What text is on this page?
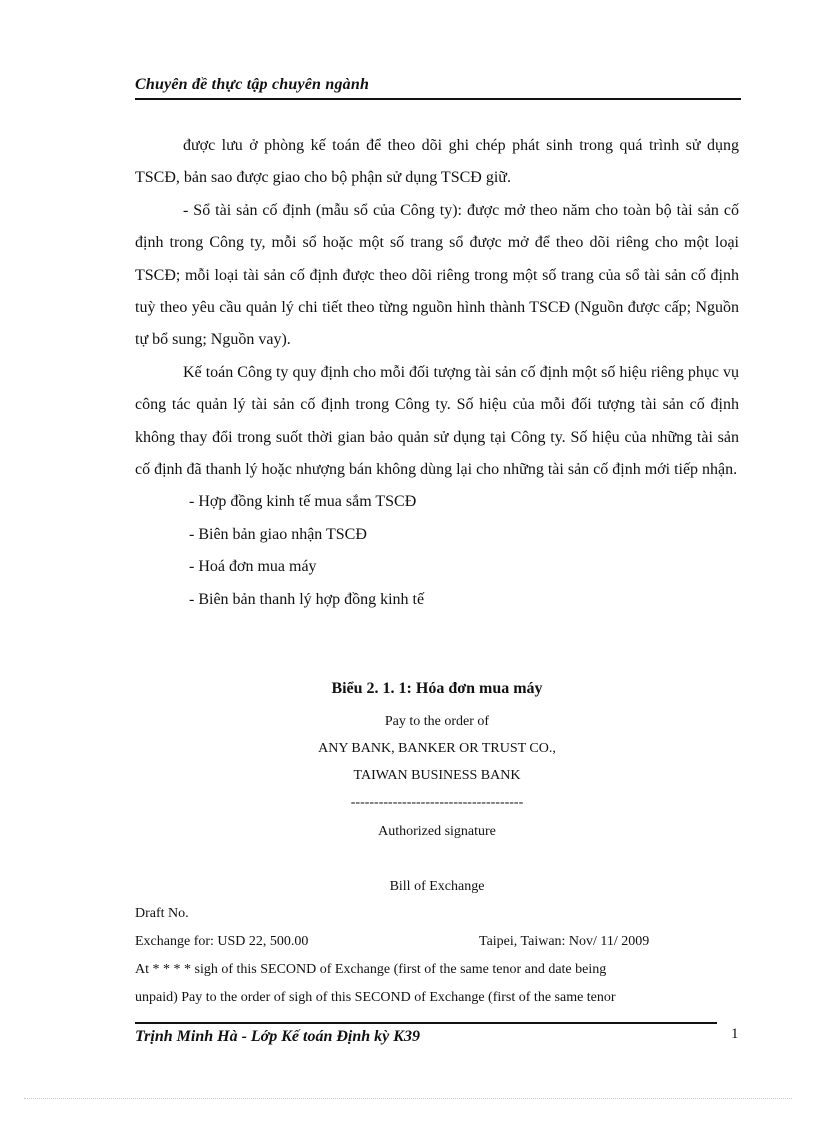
Chuyên đề thực tập chuyên ngành

được lưu ở phòng kế toán để theo dõi ghi chép phát sinh trong quá trình sử dụng TSCĐ, bản sao được giao cho bộ phận sử dụng TSCĐ giữ.

- Sổ tài sản cố định (mẫu sổ của Công ty): được mở theo năm cho toàn bộ tài sản cố định trong Công ty, mỗi sổ hoặc một số trang sổ được mở để theo dõi riêng cho một loại TSCĐ; mỗi loại tài sản cố định được theo dõi riêng trong một số trang của sổ tài sản cố định tuỳ theo yêu cầu quản lý chi tiết theo từng nguồn hình thành TSCĐ (Nguồn được cấp; Nguồn tự bổ sung; Nguồn vay).

Kế toán Công ty quy định cho mỗi đối tượng tài sản cố định một số hiệu riêng phục vụ công tác quản lý tài sản cố định trong Công ty. Số hiệu của mỗi đối tượng tài sản cố định không thay đổi trong suốt thời gian bảo quản sử dụng tại Công ty. Số hiệu của những tài sản cố định đã thanh lý hoặc nhượng bán không dùng lại cho những tài sản cố định mới tiếp nhận.

- Hợp đồng kinh tế mua sắm TSCĐ
- Biên bản giao nhận TSCĐ
- Hoá đơn mua máy
- Biên bản thanh lý hợp đồng kinh tế
Biểu 2. 1. 1: Hóa đơn mua máy
Pay to the order of
ANY BANK, BANKER OR TRUST CO.,
TAIWAN BUSINESS BANK
-------------------------------------
Authorized signature
Bill of Exchange
Draft No.
Exchange for: USD 22, 500.00	Taipei, Taiwan: Nov/ 11/ 2009
At * * * * sigh of this SECOND of Exchange (first of the same tenor and date being
unpaid) Pay to the order of sigh of this SECOND of Exchange (first of the same tenor
Trịnh Minh Hà - Lớp Kế toán Định kỳ K39	1
